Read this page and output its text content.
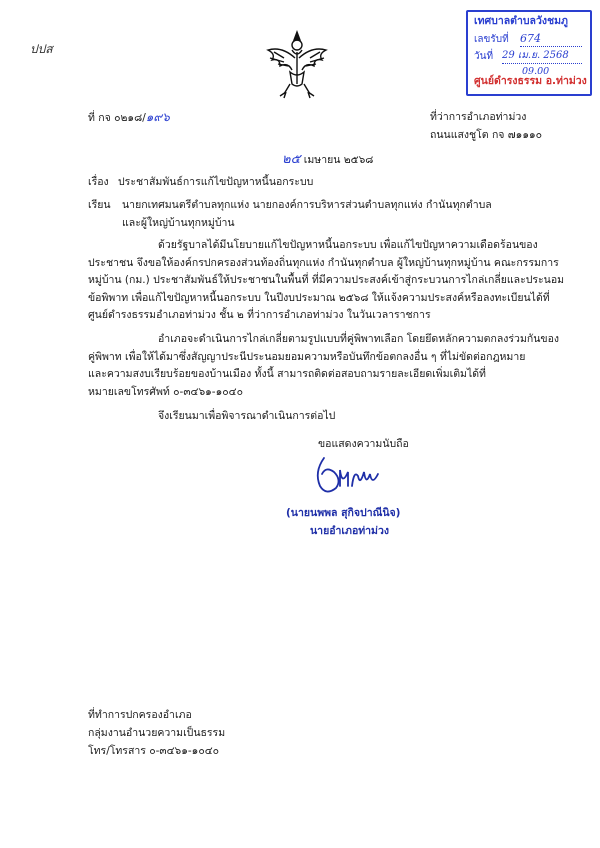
ปปส
เทศบาลตำบลวังชมภู
เลขรับที่ 674
วันที่ 29 เม.ย. 2568
09.00
ศูนย์ดำรงธรรม อ.ท่าม่วง
ที่ กจ ๐๒๑๘/๑๙๖	ที่ว่าการอำเภอท่าม่วง
ถนนแสงชูโต กจ ๗๑๑๑๐
๒๕ เมษายน ๒๕๖๘
เรื่อง ประชาสัมพันธ์การแก้ไขปัญหาหนี้นอกระบบ
เรียน นายกเทศมนตรีตำบลทุกแห่ง นายกองค์การบริหารส่วนตำบลทุกแห่ง กำนันทุกตำบล
และผู้ใหญ่บ้านทุกหมู่บ้าน
ด้วยรัฐบาลได้มีนโยบายแก้ไขปัญหาหนี้นอกระบบ เพื่อแก้ไขปัญหาความเดือดร้อนของ
ประชาชน จึงขอให้องค์กรปกครองส่วนท้องถิ่นทุกแห่ง กำนันทุกตำบล ผู้ใหญ่บ้านทุกหมู่บ้าน คณะกรรมการ
หมู่บ้าน (กม.) ประชาสัมพันธ์ให้ประชาชนในพื้นที่ ที่มีความประสงค์เข้าสู่กระบวนการไกล่เกลี่ยและประนอม
ข้อพิพาท เพื่อแก้ไขปัญหาหนี้นอกระบบ ในปีงบประมาณ ๒๕๖๘ ให้แจ้งความประสงค์หรือลงทะเบียนได้ที่
ศูนย์ดำรงธรรมอำเภอท่าม่วง ชั้น ๒ ที่ว่าการอำเภอท่าม่วง ในวันเวลาราชการ
อำเภอจะดำเนินการไกล่เกลี่ยตามรูปแบบที่คู่พิพาทเลือก โดยยึดหลักความตกลงร่วมกันของ
คู่พิพาท เพื่อให้ได้มาซึ่งสัญญาประนีประนอมยอมความหรือบันทึกข้อตกลงอื่น ๆ ที่ไม่ขัดต่อกฎหมาย
และความสงบเรียบร้อยของบ้านเมือง ทั้งนี้ สามารถติดต่อสอบถามรายละเอียดเพิ่มเติมได้ที่
หมายเลขโทรศัพท์ ๐-๓๔๖๑-๑๐๔๐
จึงเรียนมาเพื่อพิจารณาดำเนินการต่อไป
ขอแสดงความนับถือ
(นายนพพล สุกิจปาณีนิจ)
นายอำเภอท่าม่วง
ที่ทำการปกครองอำเภอ
กลุ่มงานอำนวยความเป็นธรรม
โทร/โทรสาร ๐-๓๔๖๑-๑๐๔๐
